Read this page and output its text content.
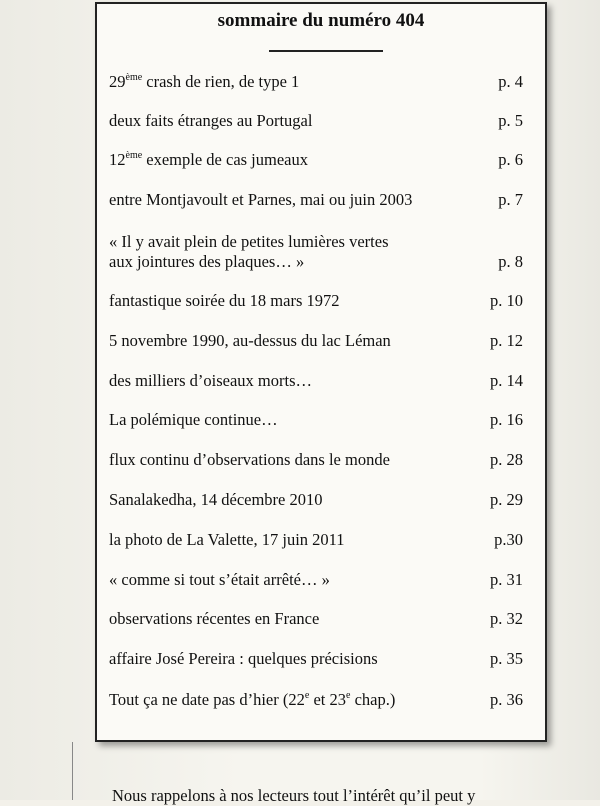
sommaire du numéro 404
29ème crash de rien, de type 1	p. 4
deux faits étranges au Portugal	p. 5
12ème exemple de cas jumeaux	p. 6
entre Montjavoult et Parnes, mai ou juin 2003	p. 7
« Il y avait plein de petites lumières vertes
aux jointures des plaques… »	p. 8
fantastique soirée du 18 mars 1972	p. 10
5 novembre 1990, au-dessus du lac Léman	p. 12
des milliers d’oiseaux morts…	p. 14
La polémique continue…	p. 16
flux continu d’observations dans le monde	p. 28
Sanalakedha, 14 décembre 2010	p. 29
la photo de La Valette, 17 juin 2011	p.30
« comme si tout s’était arrêté… »	p. 31
observations récentes en France	p. 32
affaire José Pereira : quelques précisions	p. 35
Tout ça ne date pas d’hier (22e et 23e chap.)	p. 36
Nous rappelons à nos lecteurs tout l’intérêt qu’il peut y
